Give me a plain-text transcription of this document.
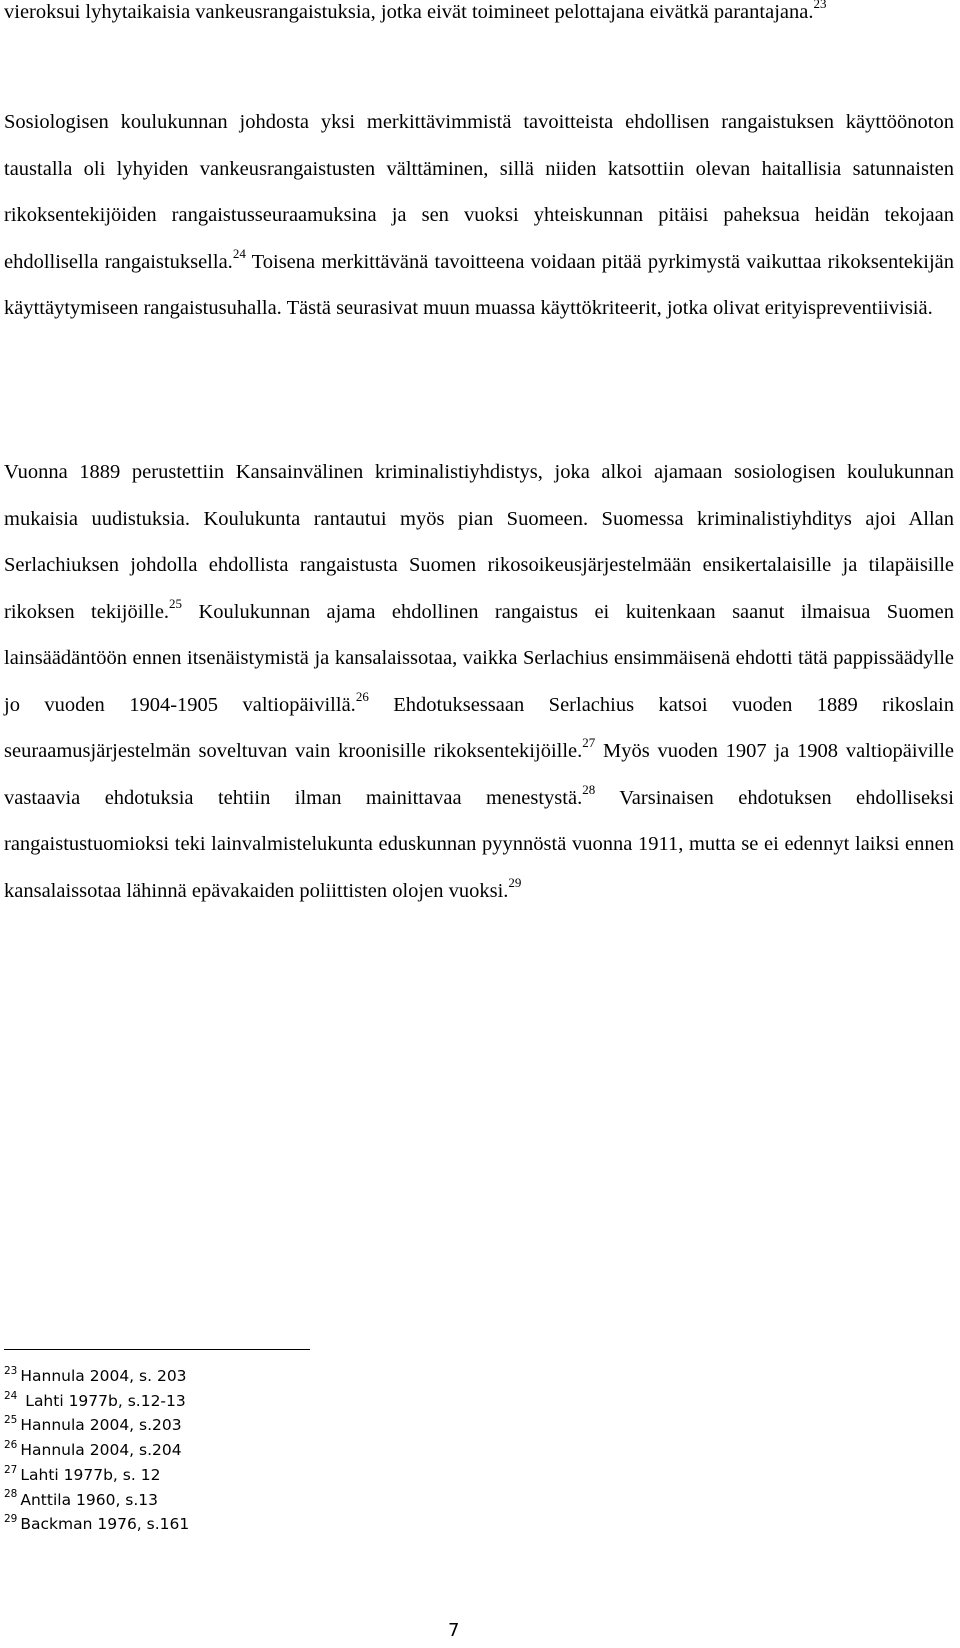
vieroksui lyhytaikaisia vankeusrangaistuksia, jotka eivät toimineet pelottajana eivätkä parantajana.$^{23}$

Sosiologisen koulukunnan johdosta yksi merkittävimmistä tavoitteista ehdollisen rangaistuksen käyttöönoton taustalla oli lyhyiden vankeusrangaistusten välttäminen, sillä niiden katsottiin olevan haitallisia satunnaisten rikoksentekijöiden rangaistusseuraamuksina ja sen vuoksi yhteiskunnan pitäisi paheksua heidän tekojaan ehdollisella rangaistuksella.$^{24}$ Toisena merkittävänä tavoitteena voidaan pitää pyrkimystä vaikuttaa rikoksentekijän käyttäytymiseen rangaistusuhalla. Tästä seurasivat muun muassa käyttökriteerit, jotka olivat erityispreventiivisiä.

Vuonna 1889 perustettiin Kansainvälinen kriminalistiyhdistys, joka alkoi ajamaan sosiologisen koulukunnan mukaisia uudistuksia. Koulukunta rantautui myös pian Suomeen. Suomessa kriminalistiyhditys ajoi Allan Serlachiuksen johdolla ehdollista rangaistusta Suomen rikosoikeusjärjestelmään ensikertalaisille ja tilapäisille rikoksen tekijöille.$^{25}$ Koulukunnan ajama ehdollinen rangaistus ei kuitenkaan saanut ilmaisua Suomen lainsäädäntöön ennen itsenäistymistä ja kansalaissotaa, vaikka Serlachius ensimmäisenä ehdotti tätä pappissäädylle jo vuoden 1904-1905 valtiopäivillä.$^{26}$ Ehdotuksessaan Serlachius katsoi vuoden 1889 rikoslain seuraamusjärjestelmän soveltuvan vain kroonisille rikoksentekijöille.$^{27}$ Myös vuoden 1907 ja 1908 valtiopäiville vastaavia ehdotuksia tehtiin ilman mainittavaa menestystä.$^{28}$ Varsinaisen ehdotuksen ehdolliseksi rangaistustuomioksi teki lainvalmistelukunta eduskunnan pyynnöstä vuonna 1911, mutta se ei edennyt laiksi ennen kansalaissotaa lähinnä epävakaiden poliittisten olojen vuoksi.$^{29}$

$^{23}$ Hannula 2004, s. 203
$^{24}$ Lahti 1977b, s.12-13
$^{25}$ Hannula 2004, s.203
$^{26}$ Hannula 2004, s.204
$^{27}$ Lahti 1977b, s. 12
$^{28}$ Anttila 1960, s.13
$^{29}$ Backman 1976, s.161
7
